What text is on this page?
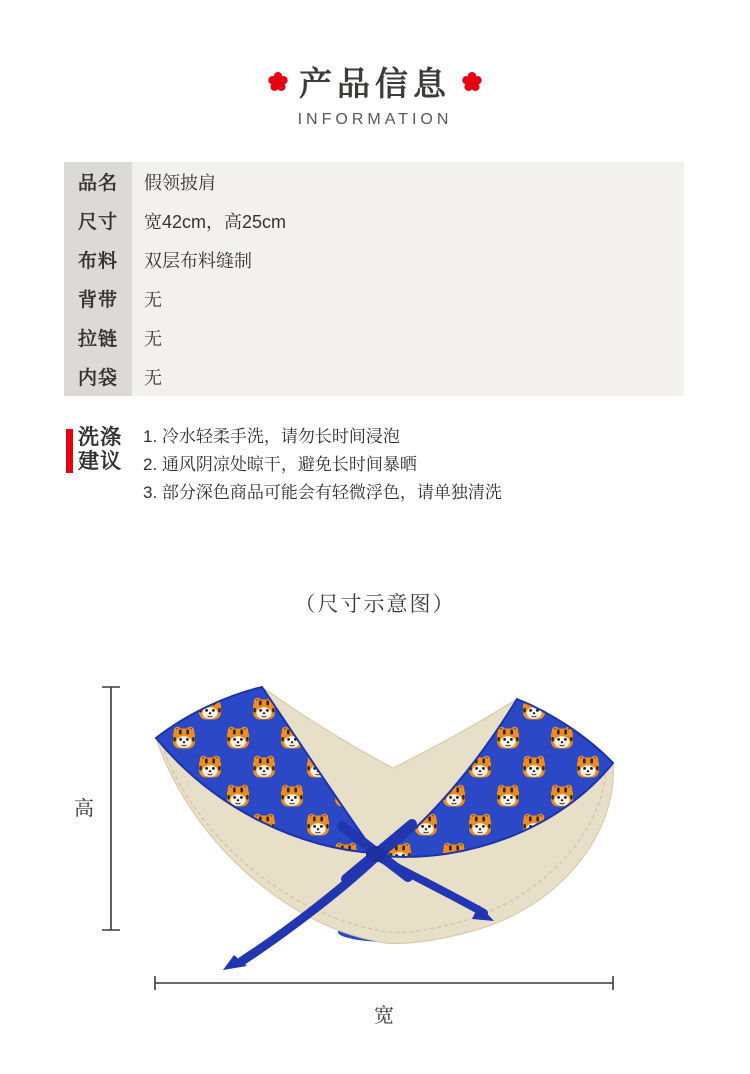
产品信息
INFORMATION
品名	假领披肩
尺寸	宽42cm，高25cm
布料	双层布料缝制
背带	无
拉链	无
内袋	无
洗涤
建议
1. 冷水轻柔手洗，请勿长时间浸泡
2. 通风阴凉处晾干，避免长时间暴晒
3. 部分深色商品可能会有轻微浮色，请单独清洗
（尺寸示意图）
高
宽
